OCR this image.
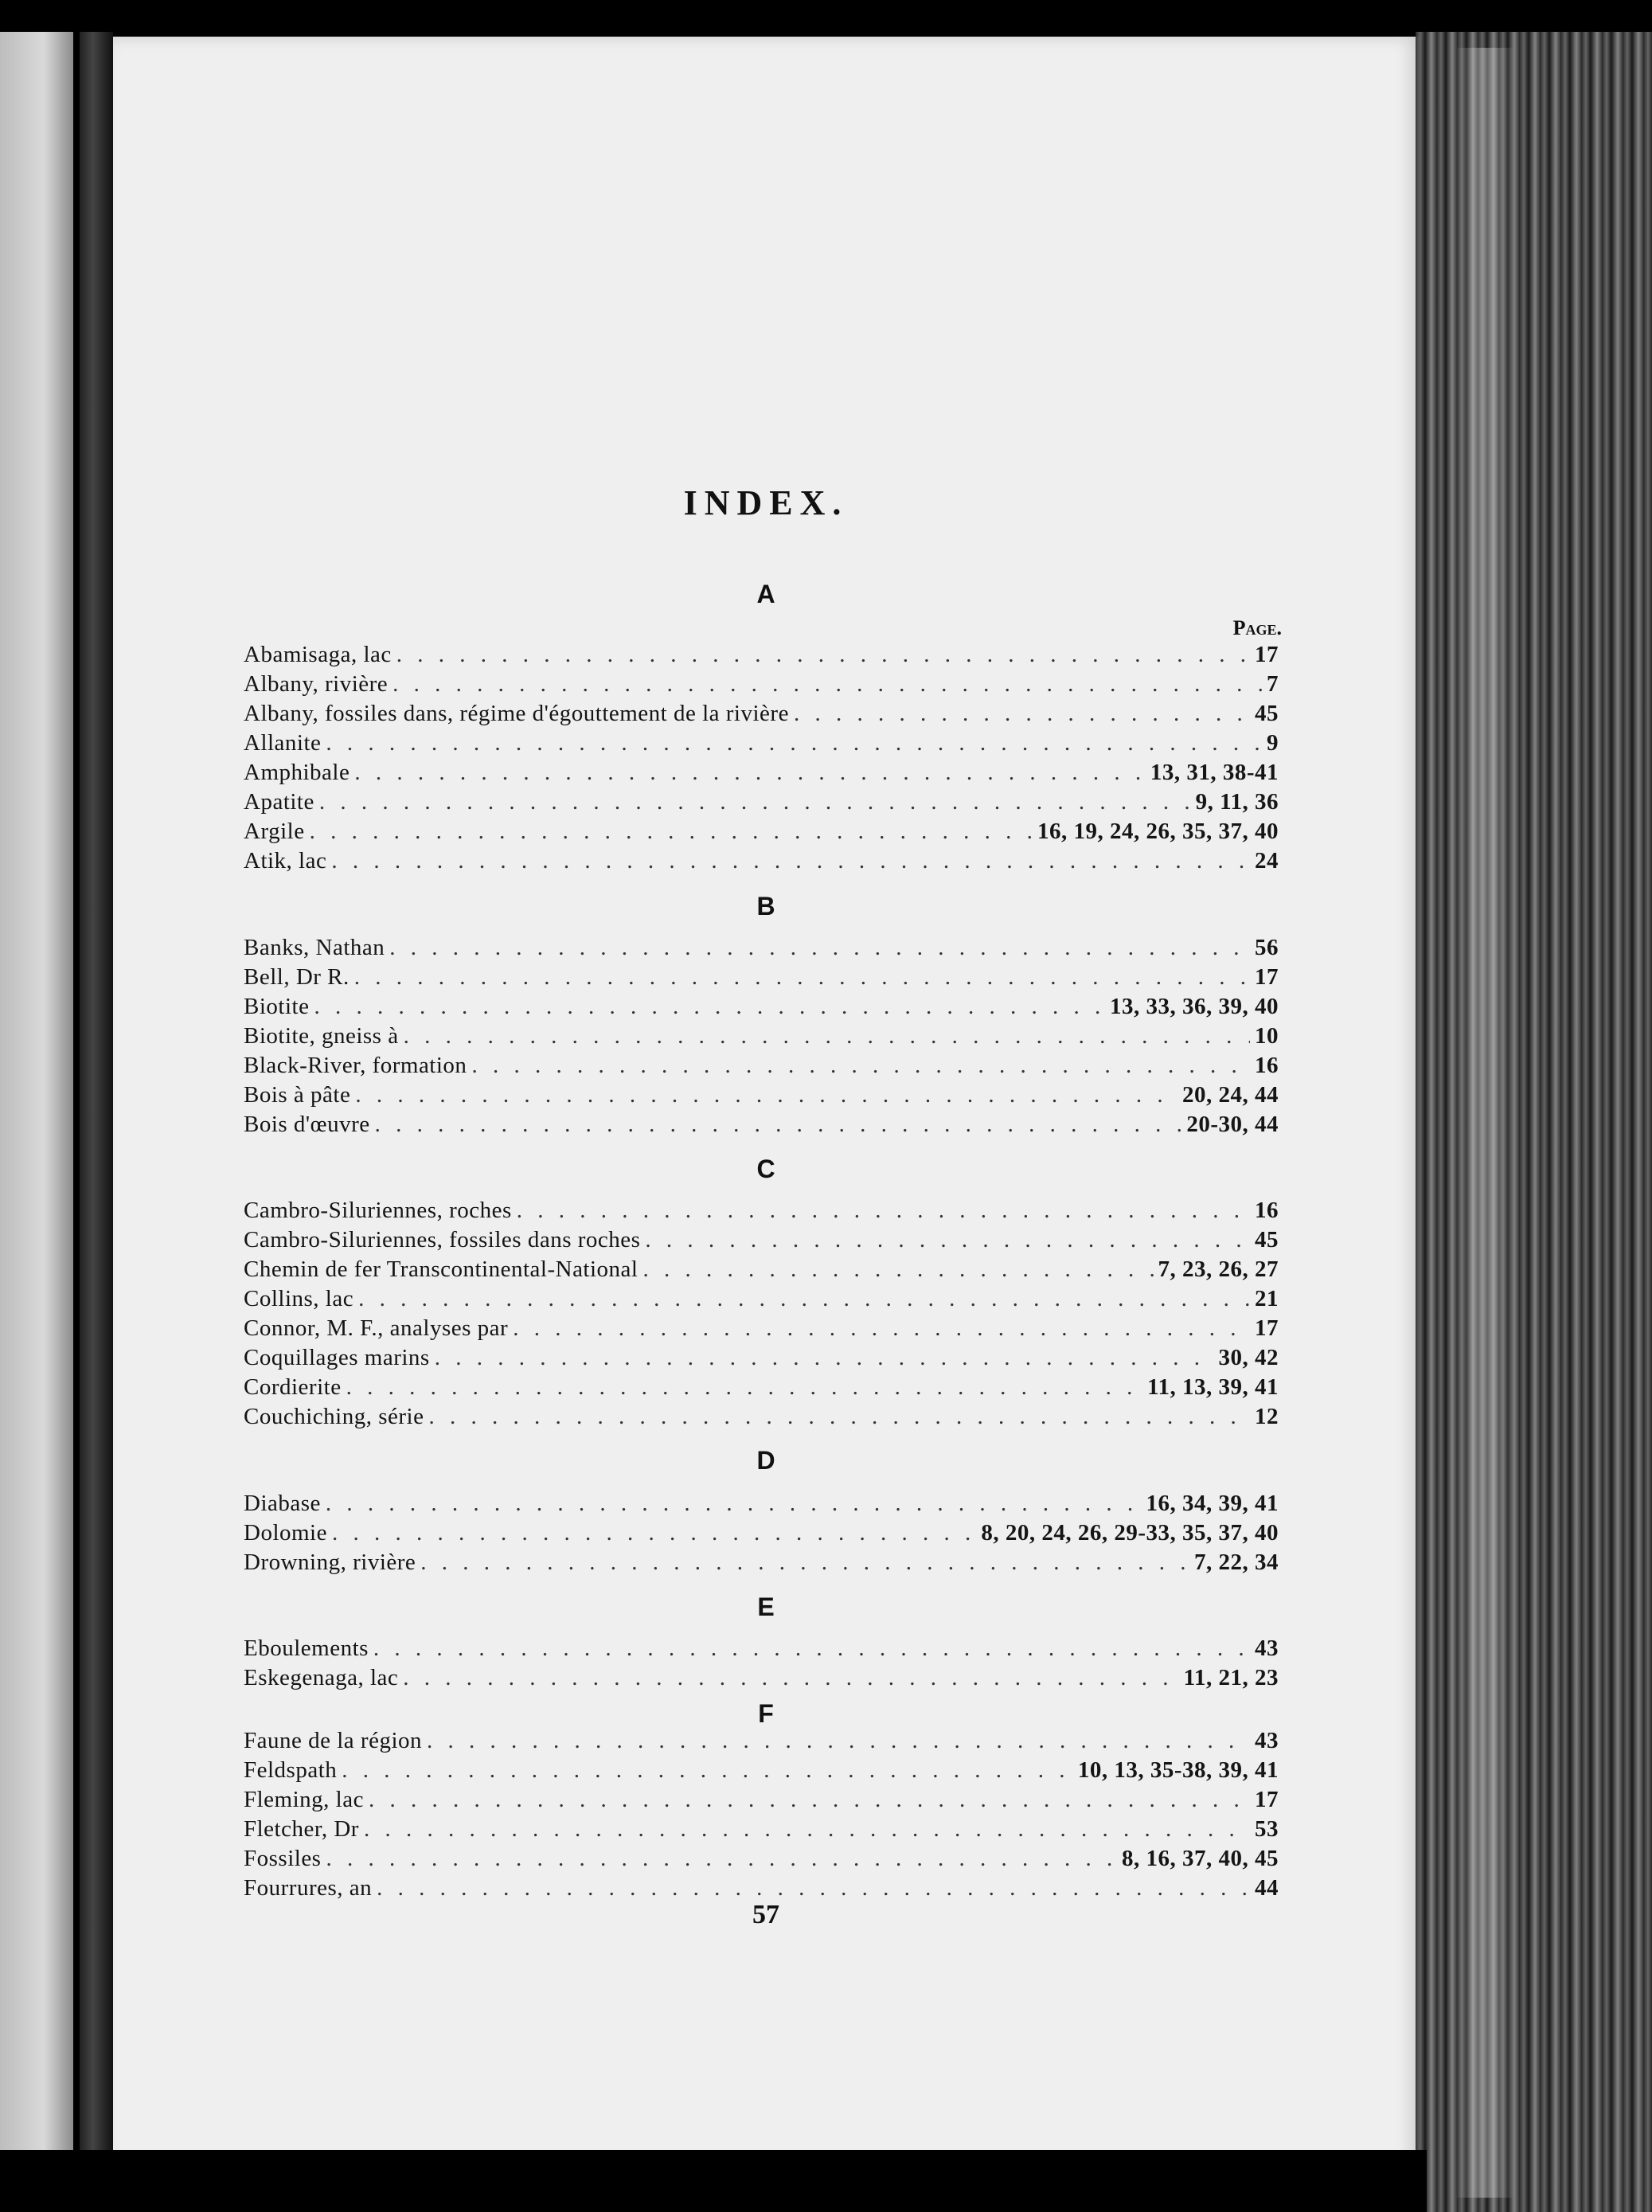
INDEX.
Page.
A
Abamisaga, lac . . .	17
Albany, rivière . . .	7
Albany, fossiles dans, régime d'égouttement de la rivière . . .	45
Allanite . . .	9
Amphibale . . .	13, 31, 38-41
Apatite . . .	9, 11, 36
Argile . . .	16, 19, 24, 26, 35, 37, 40
Atik, lac . . .	24
B
Banks, Nathan . . .	56
Bell, Dr R. . . .	17
Biotite . . .	13, 33, 36, 39, 40
Biotite, gneiss à . . .	10
Black-River, formation . . .	16
Bois à pâte . . .	20, 24, 44
Bois d'œuvre . . .	20-30, 44
C
Cambro-Siluriennes, roches . . .	16
Cambro-Siluriennes, fossiles dans roches . . .	45
Chemin de fer Transcontinental-National . . .	7, 23, 26, 27
Collins, lac . . .	21
Connor, M. F., analyses par . . .	17
Coquillages marins . . .	30, 42
Cordierite . . .	11, 13, 39, 41
Couchiching, série . . .	12
D
Diabase . . .	16, 34, 39, 41
Dolomie . . .	8, 20, 24, 26, 29-33, 35, 37, 40
Drowning, rivière . . .	7, 22, 34
E
Eboulements . . .	43
Eskegenaga, lac . . .	11, 21, 23
F
Faune de la région . . .	43
Feldspath . . .	10, 13, 35-38, 39, 41
Fleming, lac . . .	17
Fletcher, Dr . . .	53
Fossiles . . .	8, 16, 37, 40, 45
Fourrures, an . . .	44
57
